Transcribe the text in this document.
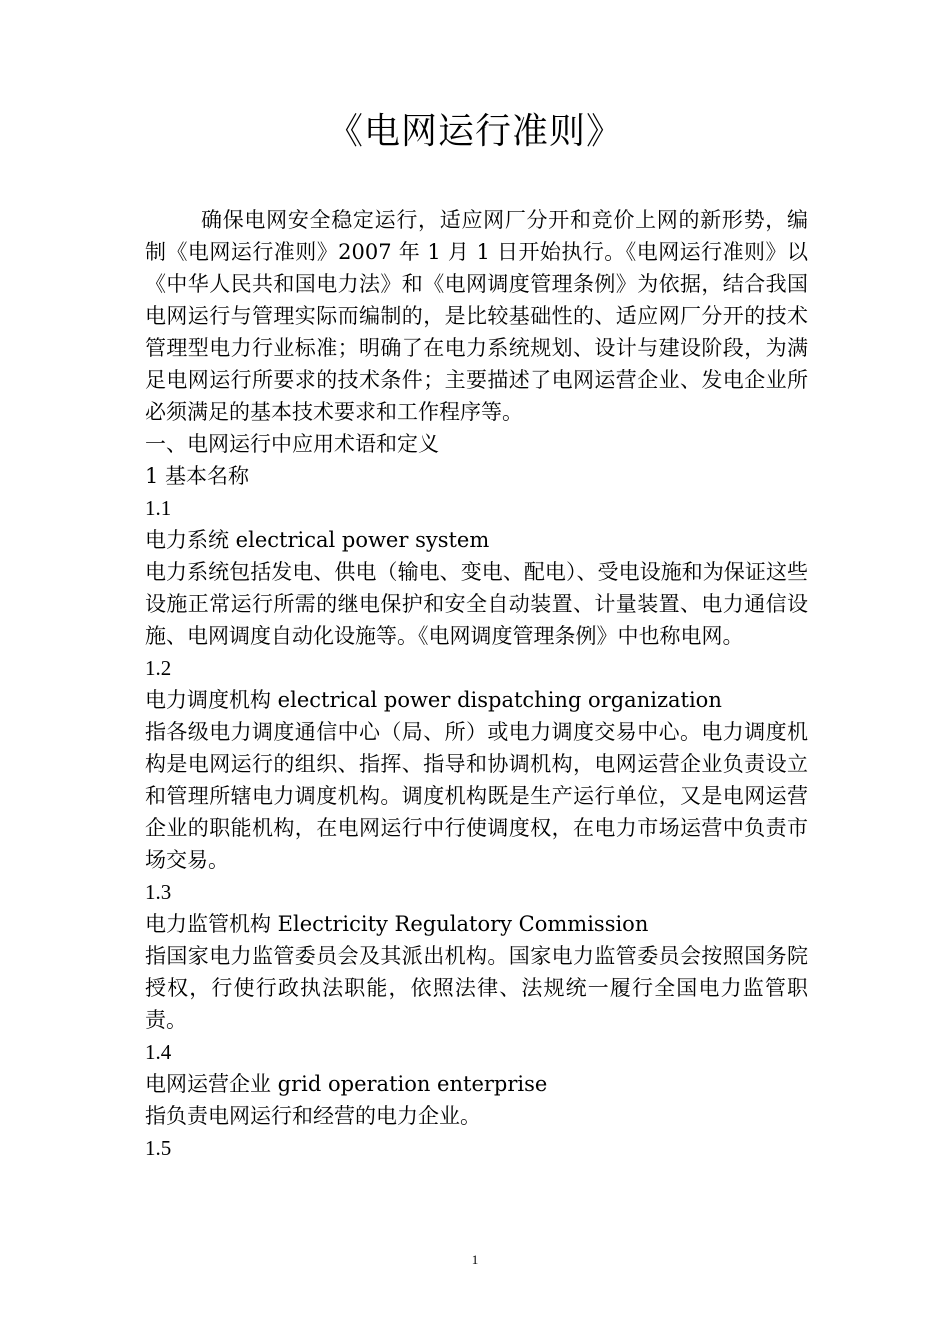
《电网运行准则》

确保电网安全稳定运行，适应网厂分开和竞价上网的新形势，编制《电网运行准则》2007 年 1 月 1 日开始执行。《电网运行准则》以《中华人民共和国电力法》和《电网调度管理条例》为依据，结合我国电网运行与管理实际而编制的，是比较基础性的、适应网厂分开的技术管理型电力行业标准；明确了在电力系统规划、设计与建设阶段，为满足电网运行所要求的技术条件；主要描述了电网运营企业、发电企业所必须满足的基本技术要求和工作程序等。

一、电网运行中应用术语和定义

1 基本名称

1.1

电力系统 electrical power system

电力系统包括发电、供电（输电、变电、配电）、受电设施和为保证这些设施正常运行所需的继电保护和安全自动装置、计量装置、电力通信设施、电网调度自动化设施等。《电网调度管理条例》中也称电网。

1.2

电力调度机构 electrical power dispatching organization

指各级电力调度通信中心（局、所）或电力调度交易中心。电力调度机构是电网运行的组织、指挥、指导和协调机构，电网运营企业负责设立和管理所辖电力调度机构。调度机构既是生产运行单位，又是电网运营企业的职能机构，在电网运行中行使调度权，在电力市场运营中负责市场交易。

1.3

电力监管机构 Electricity Regulatory Commission

指国家电力监管委员会及其派出机构。国家电力监管委员会按照国务院授权，行使行政执法职能，依照法律、法规统一履行全国电力监管职责。

1.4

电网运营企业 grid operation enterprise

指负责电网运行和经营的电力企业。

1.5

1
